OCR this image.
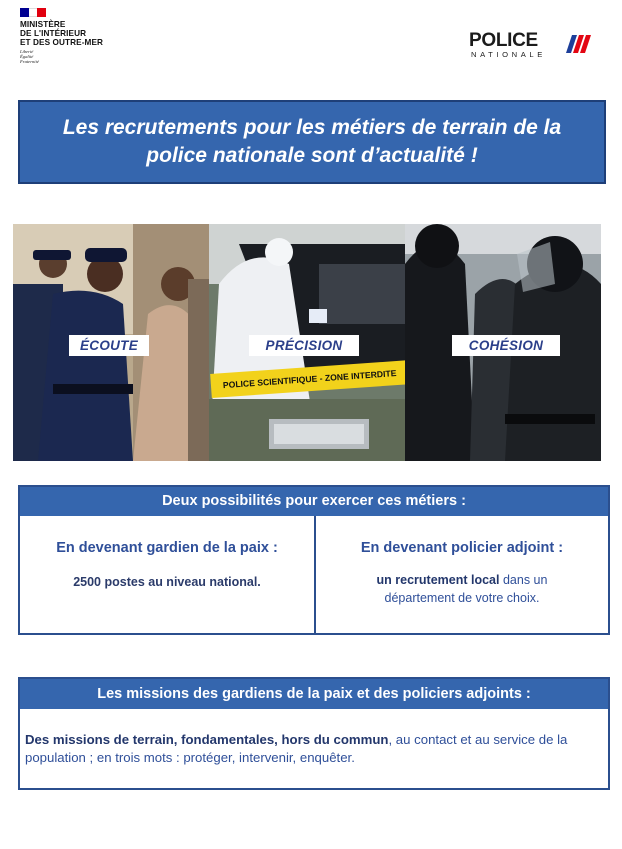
MINISTÈRE
DE L'INTÉRIEUR
ET DES OUTRE-MER
Liberté
Égalité
Fraternité
POLICE
NATIONALE

Les recrutements pour les métiers de terrain de la
police nationale sont d’actualité !

ÉCOUTE
POLICE SCIENTIFIQUE - ZONE INTERDITE
PRÉCISION	COHÉSION
Deux possibilités pour exercer ces métiers :
En devenant gardien de la paix :

2500 postes au niveau national.

En devenant policier adjoint :

un recrutement local dans un
département de votre choix.

Les missions des gardiens de la paix et des policiers adjoints :

Des missions de terrain, fondamentales, hors du commun, au contact et au service de la population ; en trois mots : protéger, intervenir, enquêter.
